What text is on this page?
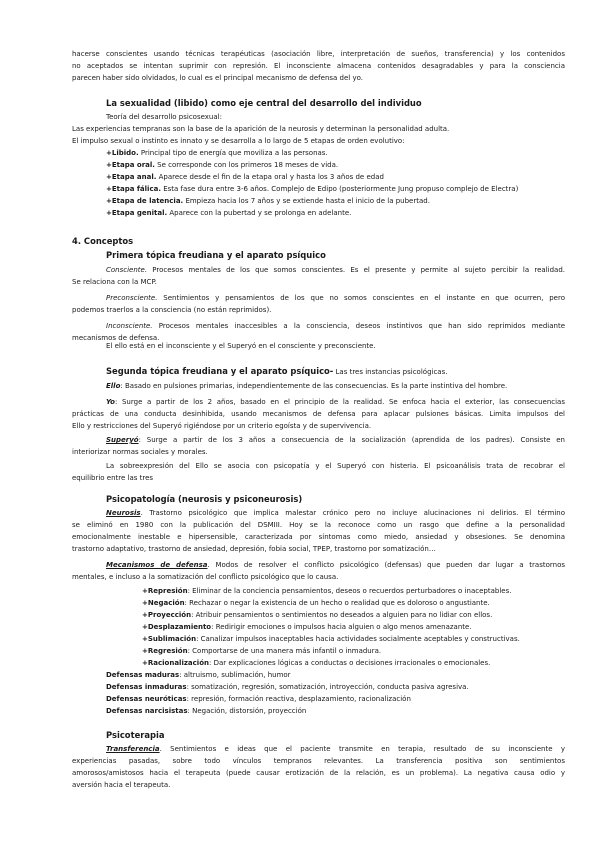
hacerse conscientes usando técnicas terapéuticas (asociación libre, interpretación de sueños, transferencia) y los contenidos
no aceptados se intentan suprimir con represión. El inconsciente almacena contenidos desagradables y para la consciencia
parecen haber sido olvidados, lo cual es el principal mecanismo de defensa del yo.
La sexualidad (libido) como eje central del desarrollo del individuo
Teoría del desarrollo psicosexual:
Las experiencias tempranas son la base de la aparición de la neurosis y determinan la personalidad adulta.
El impulso sexual o instinto es innato y se desarrolla a lo largo de 5 etapas de orden evolutivo:
+Libido. Principal tipo de energía que moviliza a las personas.
+Etapa oral. Se corresponde con los primeros 18 meses de vida.
+Etapa anal. Aparece desde el fin de la etapa oral y hasta los 3 años de edad
+Etapa fálica. Esta fase dura entre 3-6 años. Complejo de Edipo (posteriormente Jung propuso complejo de Electra)
+Etapa de latencia. Empieza hacia los 7 años y se extiende hasta el inicio de la pubertad.
+Etapa genital. Aparece con la pubertad y se prolonga en adelante.
4. Conceptos
Primera tópica freudiana y el aparato psíquico
Consciente. Procesos mentales de los que somos conscientes. Es el presente y permite al sujeto percibir la realidad.
Se relaciona con la MCP.
Preconsciente. Sentimientos y pensamientos de los que no somos conscientes en el instante en que ocurren, pero
podemos traerlos a la consciencia (no están reprimidos).
Inconsciente. Procesos mentales inaccesibles a la consciencia, deseos instintivos que han sido reprimidos mediante
mecanismos de defensa.
El ello está en el inconsciente y el Superyó en el consciente y preconsciente.
Segunda tópica freudiana y el aparato psíquico- Las tres instancias psicológicas.
Ello: Basado en pulsiones primarias, independientemente de las consecuencias. Es la parte instintiva del hombre.
Yo: Surge a partir de los 2 años, basado en el principio de la realidad. Se enfoca hacia el exterior, las consecuencias
prácticas de una conducta desinhibida, usando mecanismos de defensa para aplacar pulsiones básicas. Limita impulsos del
Ello y restricciones del Superyó rigiéndose por un criterio egoísta y de supervivencia.
Superyó: Surge a partir de los 3 años a consecuencia de la socialización (aprendida de los padres). Consiste en
interiorizar normas sociales y morales.
La sobreexpresión del Ello se asocia con psicopatía y el Superyó con histeria. El psicoanálisis trata de recobrar el
equilibrio entre las tres
Psicopatología (neurosis y psiconeurosis)
Neurosis. Trastorno psicológico que implica malestar crónico pero no incluye alucinaciones ni delirios. El término
se eliminó en 1980 con la publicación del DSMIII. Hoy se la reconoce como un rasgo que define a la personalidad
emocionalmente inestable e hipersensible, caracterizada por síntomas como miedo, ansiedad y obsesiones. Se denomina
trastorno adaptativo, trastorno de ansiedad, depresión, fobia social, TPEP, trastorno por somatización…
Mecanismos de defensa. Modos de resolver el conflicto psicológico (defensas) que pueden dar lugar a trastornos
mentales, e incluso a la somatización del conflicto psicológico que lo causa.
+Represión: Eliminar de la conciencia pensamientos, deseos o recuerdos perturbadores o inaceptables.
+Negación: Rechazar o negar la existencia de un hecho o realidad que es doloroso o angustiante.
+Proyección: Atribuir pensamientos o sentimientos no deseados a alguien para no lidiar con ellos.
+Desplazamiento: Redirigir emociones o impulsos hacia alguien o algo menos amenazante.
+Sublimación: Canalizar impulsos inaceptables hacia actividades socialmente aceptables y constructivas.
+Regresión: Comportarse de una manera más infantil o inmadura.
+Racionalización: Dar explicaciones lógicas a conductas o decisiones irracionales o emocionales.
Defensas maduras: altruismo, sublimación, humor
Defensas inmaduras: somatización, regresión, somatización, introyección, conducta pasiva agresiva.
Defensas neuróticas: represión, formación reactiva, desplazamiento, racionalización
Defensas narcisistas: Negación, distorsión, proyección
Psicoterapia
Transferencia. Sentimientos e ideas que el paciente transmite en terapia, resultado de su inconsciente y
experiencias pasadas, sobre todo vínculos tempranos relevantes. La transferencia positiva son sentimientos
amorosos/amistosos hacia el terapeuta (puede causar erotización de la relación, es un problema). La negativa causa odio y
aversión hacia el terapeuta.
